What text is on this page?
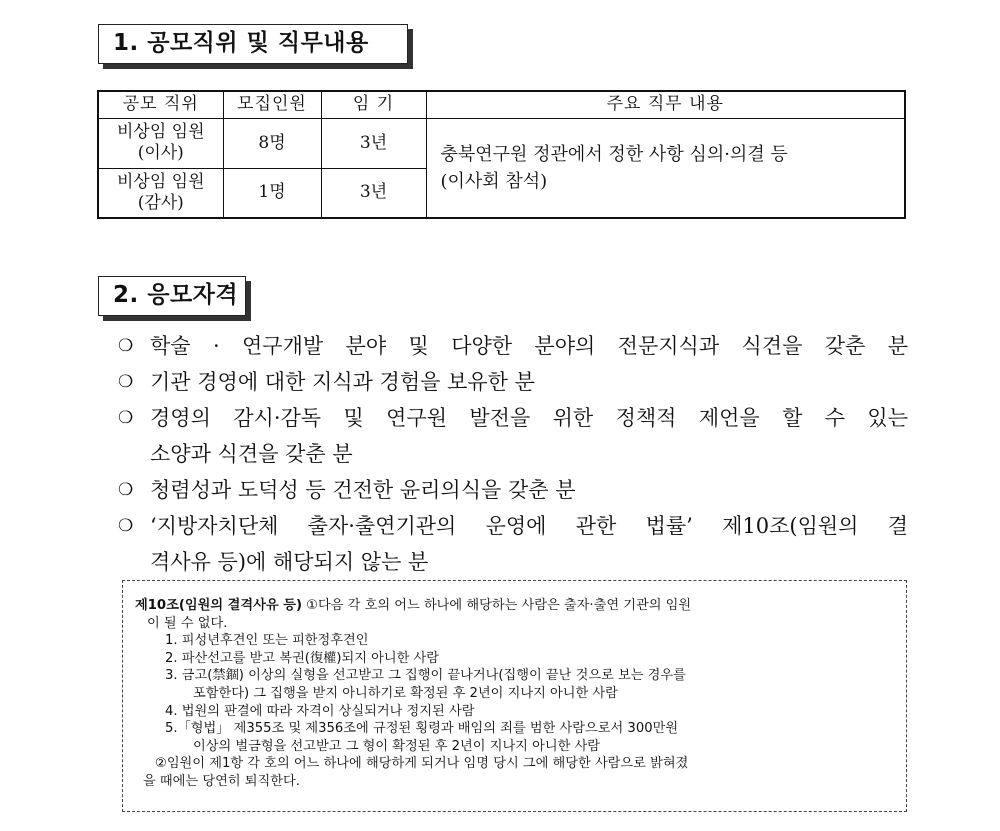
1. 공모직위 및 직무내용
공모 직위	모집인원	임 기	주요 직무 내용
비상임 임원
(이사)	8명	3년	충북연구원 정관에서 정한 사항 심의·의결 등
(이사회 참석)
비상임 임원
(감사)	1명	3년	
2. 응모자격
❍ 학술 · 연구개발 분야 및 다양한 분야의 전문지식과 식견을 갖춘 분
❍ 기관 경영에 대한 지식과 경험을 보유한 분
❍ 경영의 감시·감독 및 연구원 발전을 위한 정책적 제언을 할 수 있는
소양과 식견을 갖춘 분
❍ 청렴성과 도덕성 등 건전한 윤리의식을 갖춘 분
❍ ‘지방자치단체 출자·출연기관의 운영에 관한 법률’ 제10조(임원의 결
격사유 등)에 해당되지 않는 분
제10조(임원의 결격사유 등) ①다음 각 호의 어느 하나에 해당하는 사람은 출자·출연 기관의 임원
이 될 수 없다.
1. 피성년후견인 또는 피한정후견인
2. 파산선고를 받고 복권(復權)되지 아니한 사람
3. 금고(禁錮) 이상의 실형을 선고받고 그 집행이 끝나거나(집행이 끝난 것으로 보는 경우를
포함한다) 그 집행을 받지 아니하기로 확정된 후 2년이 지나지 아니한 사람
4. 법원의 판결에 따라 자격이 상실되거나 정지된 사람
5.「형법」 제355조 및 제356조에 규정된 횡령과 배임의 죄를 범한 사람으로서 300만원
이상의 벌금형을 선고받고 그 형이 확정된 후 2년이 지나지 아니한 사람
②임원이 제1항 각 호의 어느 하나에 해당하게 되거나 임명 당시 그에 해당한 사람으로 밝혀졌
을 때에는 당연히 퇴직한다.
